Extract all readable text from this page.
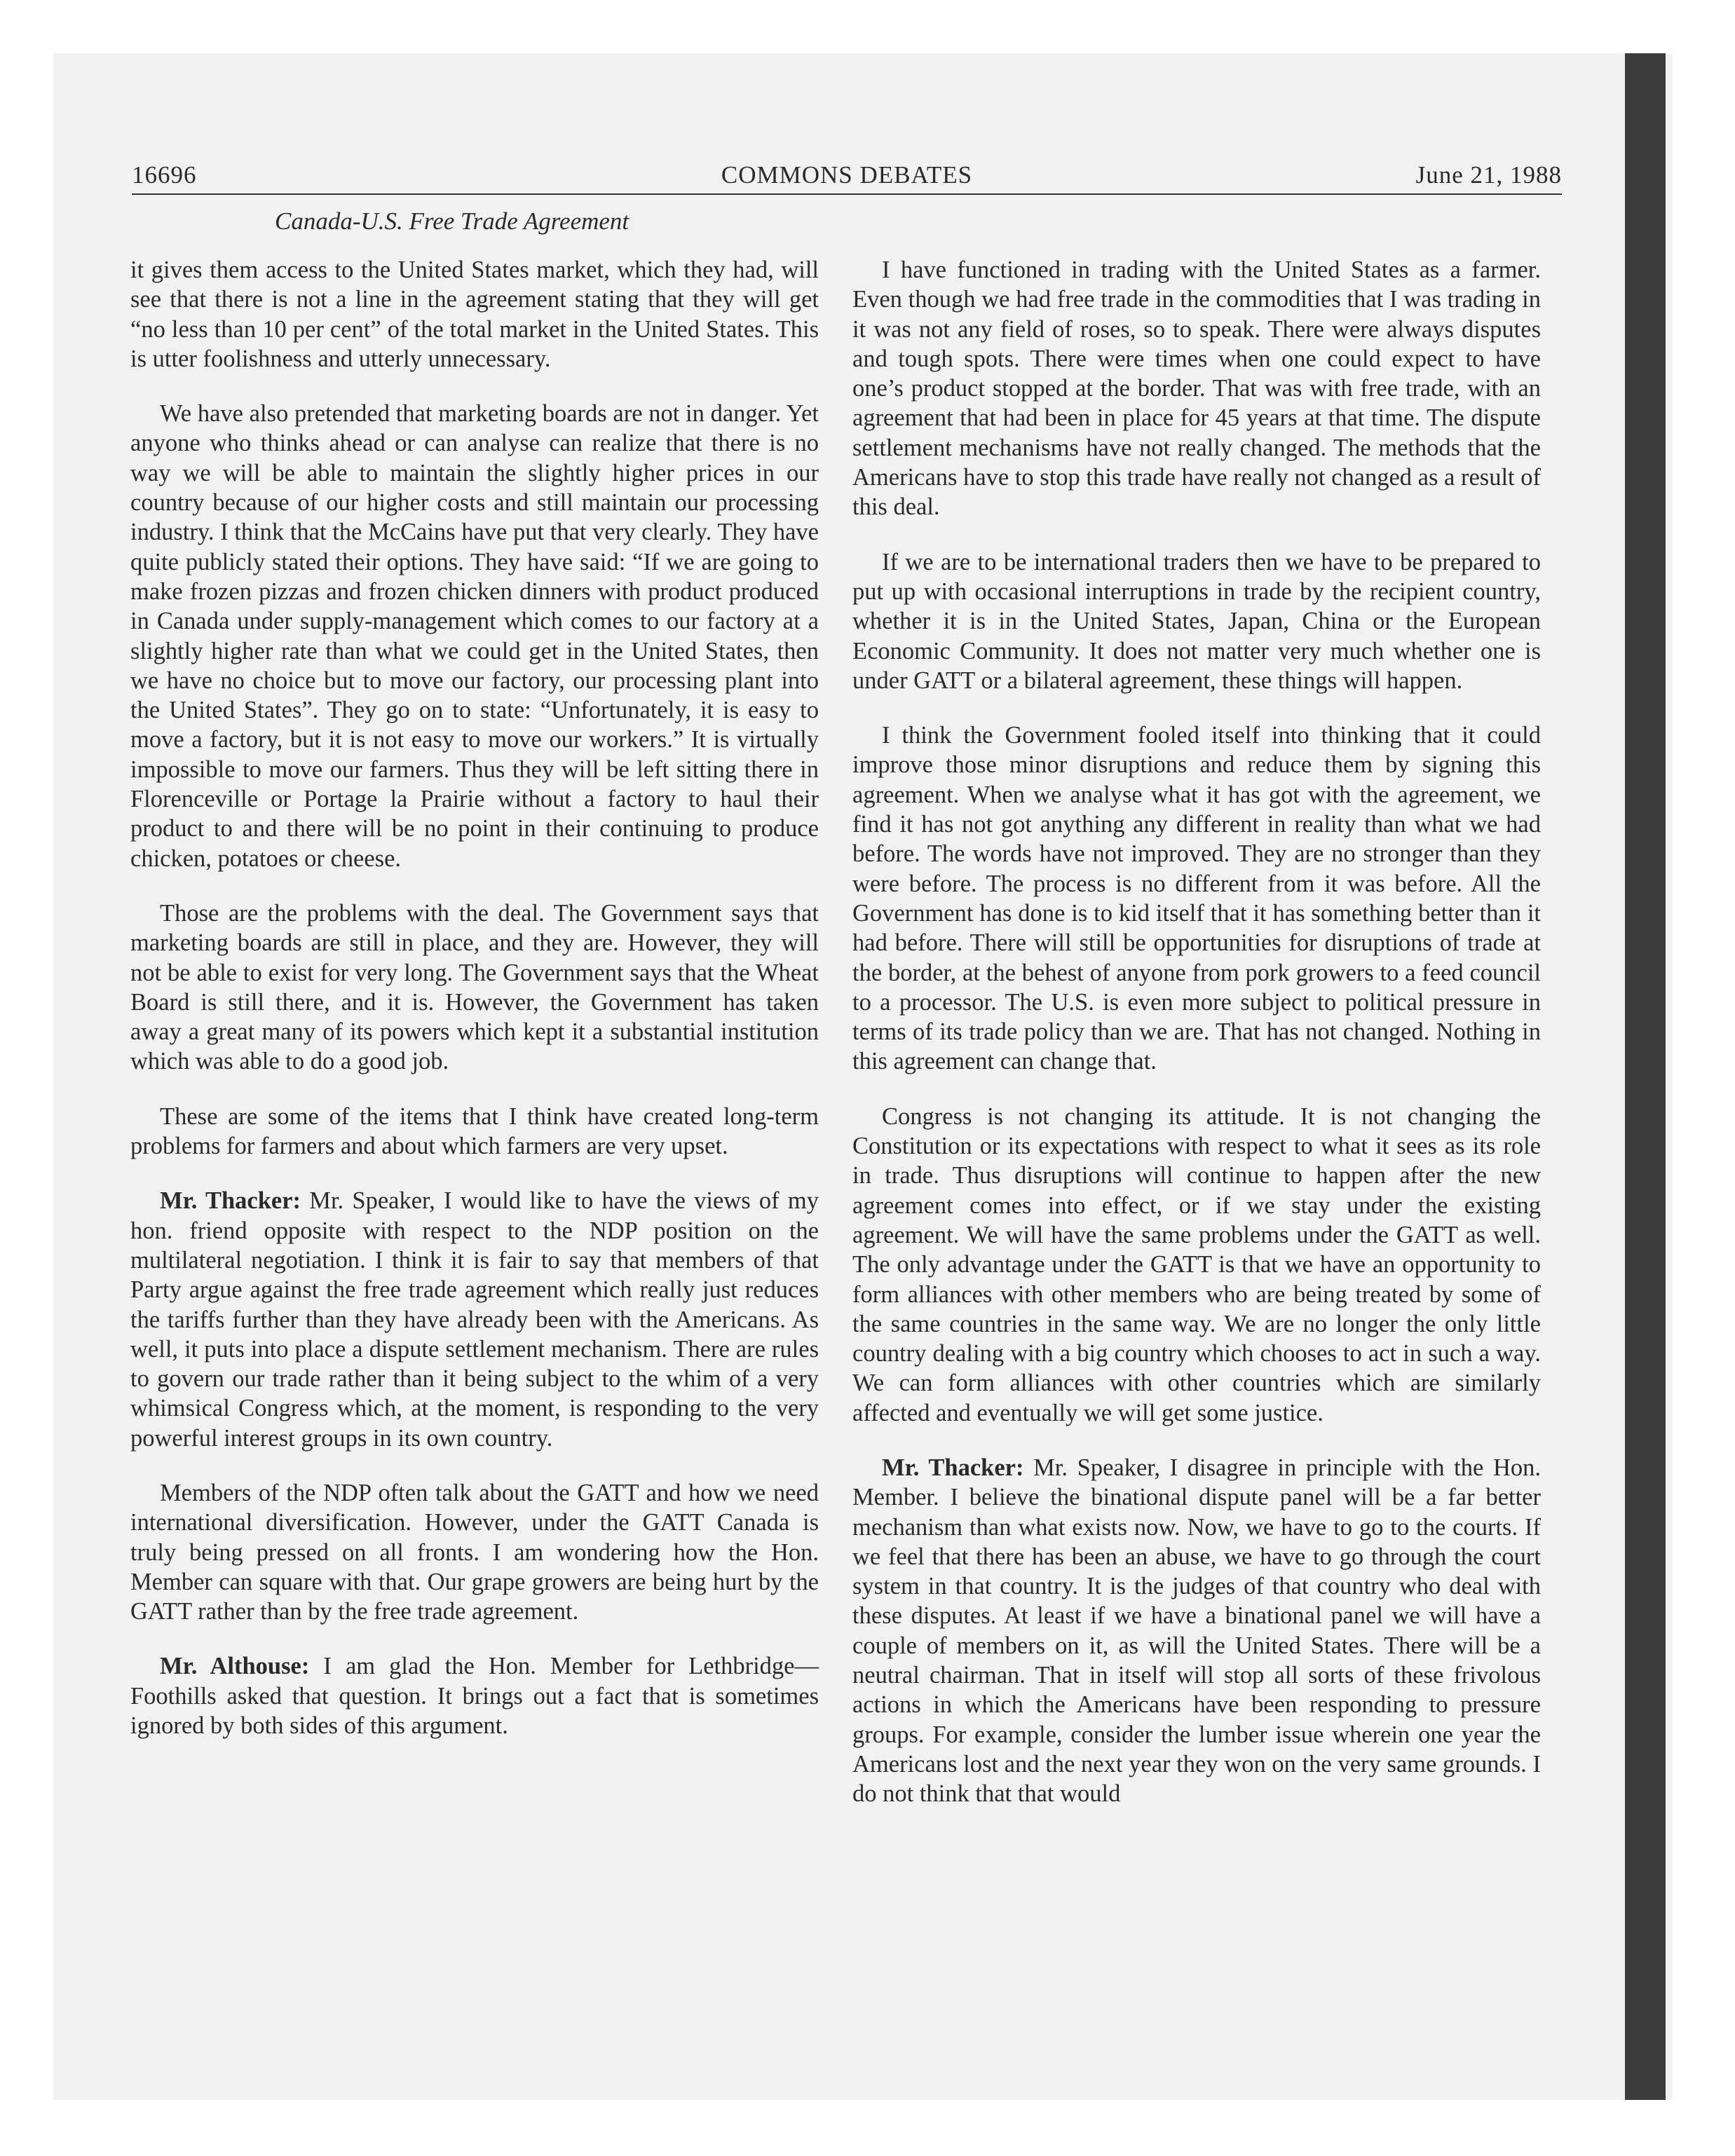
16696	COMMONS DEBATES	June 21, 1988
Canada-U.S. Free Trade Agreement

it gives them access to the United States market, which they had, will see that there is not a line in the agreement stating that they will get “no less than 10 per cent” of the total market in the United States. This is utter foolishness and utterly unnecessary.

We have also pretended that marketing boards are not in danger. Yet anyone who thinks ahead or can analyse can realize that there is no way we will be able to maintain the slightly higher prices in our country because of our higher costs and still maintain our processing industry. I think that the McCains have put that very clearly. They have quite publicly stated their options. They have said: “If we are going to make frozen pizzas and frozen chicken dinners with product produced in Canada under supply-management which comes to our factory at a slightly higher rate than what we could get in the United States, then we have no choice but to move our factory, our processing plant into the United States”. They go on to state: “Unfortunately, it is easy to move a factory, but it is not easy to move our workers.” It is virtually impossible to move our farmers. Thus they will be left sitting there in Florenceville or Portage la Prairie without a factory to haul their product to and there will be no point in their continuing to produce chicken, potatoes or cheese.

Those are the problems with the deal. The Government says that marketing boards are still in place, and they are. However, they will not be able to exist for very long. The Government says that the Wheat Board is still there, and it is. However, the Government has taken away a great many of its powers which kept it a substantial institution which was able to do a good job.

These are some of the items that I think have created long-term problems for farmers and about which farmers are very upset.

Mr. Thacker: Mr. Speaker, I would like to have the views of my hon. friend opposite with respect to the NDP position on the multilateral negotiation. I think it is fair to say that members of that Party argue against the free trade agreement which really just reduces the tariffs further than they have already been with the Americans. As well, it puts into place a dispute settlement mechanism. There are rules to govern our trade rather than it being subject to the whim of a very whimsical Congress which, at the moment, is responding to the very powerful interest groups in its own country.

Members of the NDP often talk about the GATT and how we need international diversification. However, under the GATT Canada is truly being pressed on all fronts. I am wondering how the Hon. Member can square with that. Our grape growers are being hurt by the GATT rather than by the free trade agreement.

Mr. Althouse: I am glad the Hon. Member for Lethbridge—Foothills asked that question. It brings out a fact that is sometimes ignored by both sides of this argument.

I have functioned in trading with the United States as a farmer. Even though we had free trade in the commodities that I was trading in it was not any field of roses, so to speak. There were always disputes and tough spots. There were times when one could expect to have one’s product stopped at the border. That was with free trade, with an agreement that had been in place for 45 years at that time. The dispute settlement mechanisms have not really changed. The methods that the Americans have to stop this trade have really not changed as a result of this deal.

If we are to be international traders then we have to be prepared to put up with occasional interruptions in trade by the recipient country, whether it is in the United States, Japan, China or the European Economic Community. It does not matter very much whether one is under GATT or a bilateral agreement, these things will happen.

I think the Government fooled itself into thinking that it could improve those minor disruptions and reduce them by signing this agreement. When we analyse what it has got with the agreement, we find it has not got anything any different in reality than what we had before. The words have not improved. They are no stronger than they were before. The process is no different from it was before. All the Government has done is to kid itself that it has something better than it had before. There will still be opportunities for disruptions of trade at the border, at the behest of anyone from pork growers to a feed council to a processor. The U.S. is even more subject to political pressure in terms of its trade policy than we are. That has not changed. Nothing in this agreement can change that.

Congress is not changing its attitude. It is not changing the Constitution or its expectations with respect to what it sees as its role in trade. Thus disruptions will continue to happen after the new agreement comes into effect, or if we stay under the existing agreement. We will have the same problems under the GATT as well. The only advantage under the GATT is that we have an opportunity to form alliances with other members who are being treated by some of the same countries in the same way. We are no longer the only little country dealing with a big country which chooses to act in such a way. We can form alliances with other countries which are similarly affected and eventually we will get some justice.

Mr. Thacker: Mr. Speaker, I disagree in principle with the Hon. Member. I believe the binational dispute panel will be a far better mechanism than what exists now. Now, we have to go to the courts. If we feel that there has been an abuse, we have to go through the court system in that country. It is the judges of that country who deal with these disputes. At least if we have a binational panel we will have a couple of members on it, as will the United States. There will be a neutral chairman. That in itself will stop all sorts of these frivolous actions in which the Americans have been responding to pressure groups. For example, consider the lumber issue wherein one year the Americans lost and the next year they won on the very same grounds. I do not think that that would
